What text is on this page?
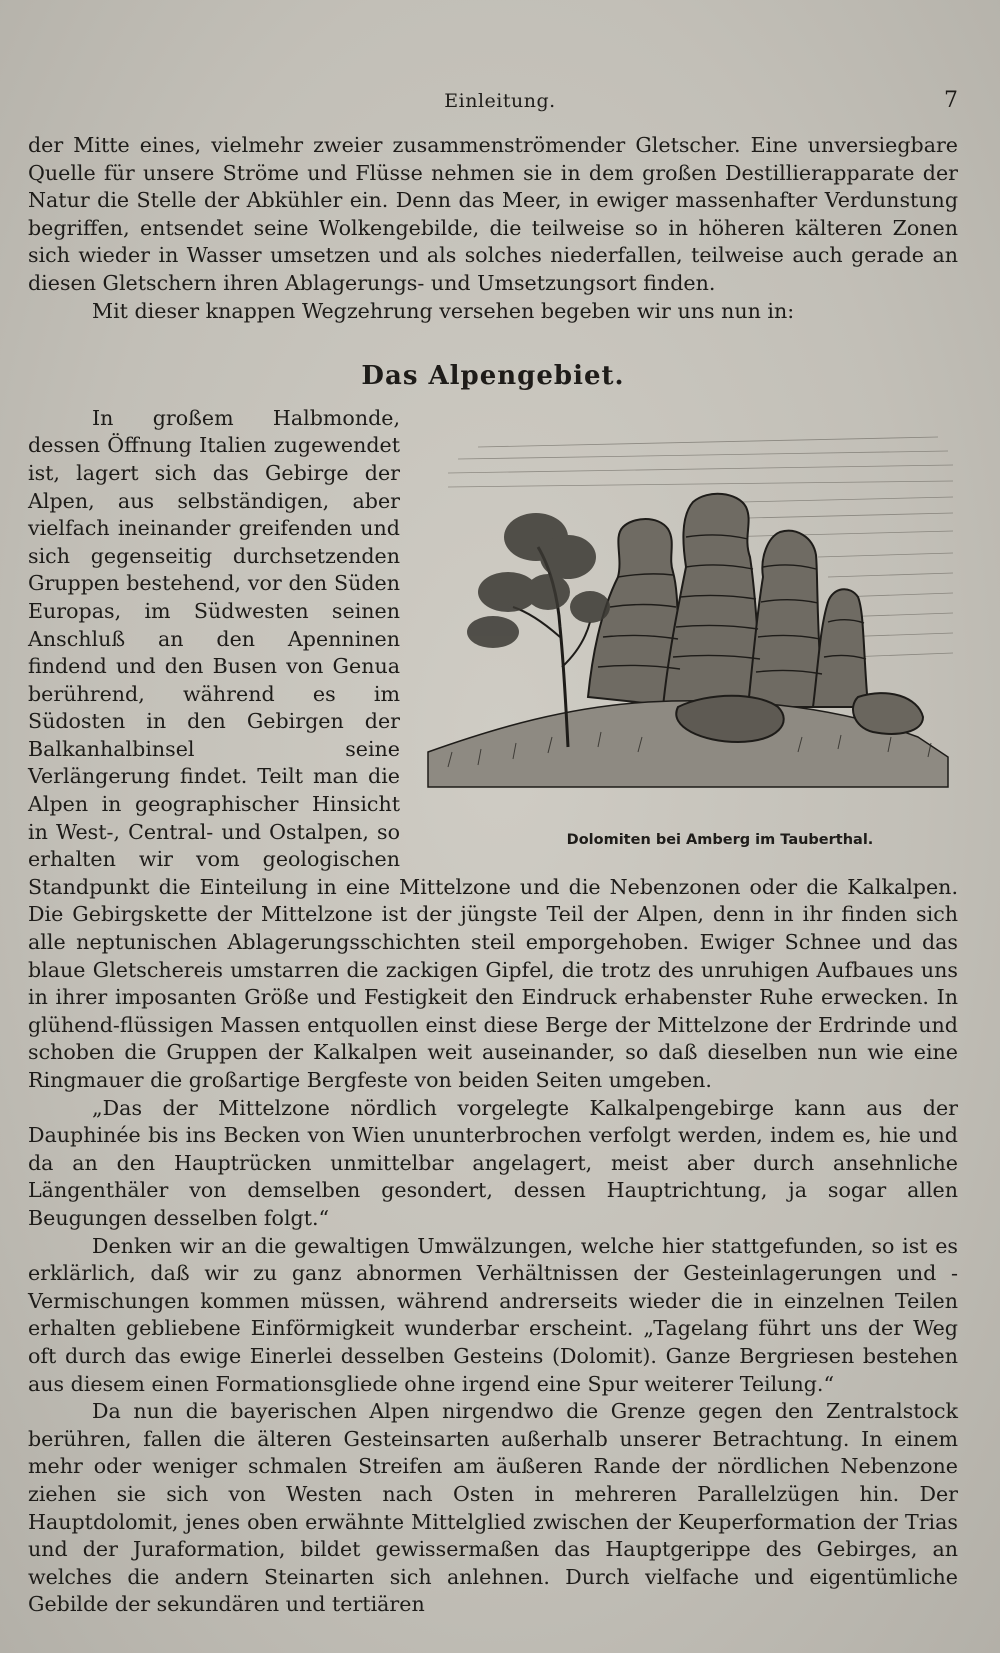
Einleitung.	7

der Mitte eines, vielmehr zweier zusammenströmender Gletscher. Eine unversiegbare Quelle für unsere Ströme und Flüsse nehmen sie in dem großen Destillierapparate der Natur die Stelle der Abkühler ein. Denn das Meer, in ewiger massenhafter Verdunstung begriffen, entsendet seine Wolkengebilde, die teilweise so in höheren kälteren Zonen sich wieder in Wasser umsetzen und als solches niederfallen, teilweise auch gerade an diesen Gletschern ihren Ablagerungs- und Umsetzungsort finden.

Mit dieser knappen Wegzehrung versehen begeben wir uns nun in:

Das Alpengebiet.

Dolomiten bei Amberg im Tauberthal.
In großem Halbmonde, dessen Öffnung Italien zugewendet ist, lagert sich das Gebirge der Alpen, aus selbständigen, aber vielfach ineinander greifenden und sich gegenseitig durchsetzenden Gruppen bestehend, vor den Süden Europas, im Südwesten seinen Anschluß an den Apenninen findend und den Busen von Genua berührend, während es im Südosten in den Gebirgen der Balkanhalbinsel seine Verlängerung findet. Teilt man die Alpen in geographischer Hinsicht in West-, Central- und Ostalpen, so erhalten wir vom geologischen Standpunkt die Einteilung in eine Mittelzone und die Nebenzonen oder die Kalkalpen. Die Gebirgskette der Mittelzone ist der jüngste Teil der Alpen, denn in ihr finden sich alle neptunischen Ablagerungsschichten steil emporgehoben. Ewiger Schnee und das blaue Gletschereis umstarren die zackigen Gipfel, die trotz des unruhigen Aufbaues uns in ihrer imposanten Größe und Festigkeit den Eindruck erhabenster Ruhe erwecken. In glühend-flüssigen Massen entquollen einst diese Berge der Mittelzone der Erdrinde und schoben die Gruppen der Kalkalpen weit auseinander, so daß dieselben nun wie eine Ringmauer die großartige Bergfeste von beiden Seiten umgeben.

„Das der Mittelzone nördlich vorgelegte Kalkalpengebirge kann aus der Dauphinée bis ins Becken von Wien ununterbrochen verfolgt werden, indem es, hie und da an den Hauptrücken unmittelbar angelagert, meist aber durch ansehnliche Längenthäler von demselben gesondert, dessen Hauptrichtung, ja sogar allen Beugungen desselben folgt.“

Denken wir an die gewaltigen Umwälzungen, welche hier stattgefunden, so ist es erklärlich, daß wir zu ganz abnormen Verhältnissen der Gesteinlagerungen und -Vermischungen kommen müssen, während andrerseits wieder die in einzelnen Teilen erhalten gebliebene Einförmigkeit wunderbar erscheint. „Tagelang führt uns der Weg oft durch das ewige Einerlei desselben Gesteins (Dolomit). Ganze Bergriesen bestehen aus diesem einen Formationsgliede ohne irgend eine Spur weiterer Teilung.“

Da nun die bayerischen Alpen nirgendwo die Grenze gegen den Zentralstock berühren, fallen die älteren Gesteinsarten außerhalb unserer Betrachtung. In einem mehr oder weniger schmalen Streifen am äußeren Rande der nördlichen Nebenzone ziehen sie sich von Westen nach Osten in mehreren Parallelzügen hin. Der Hauptdolomit, jenes oben erwähnte Mittelglied zwischen der Keuperformation der Trias und der Juraformation, bildet gewissermaßen das Hauptgerippe des Gebirges, an welches die andern Steinarten sich anlehnen. Durch vielfache und eigentümliche Gebilde der sekundären und tertiären
